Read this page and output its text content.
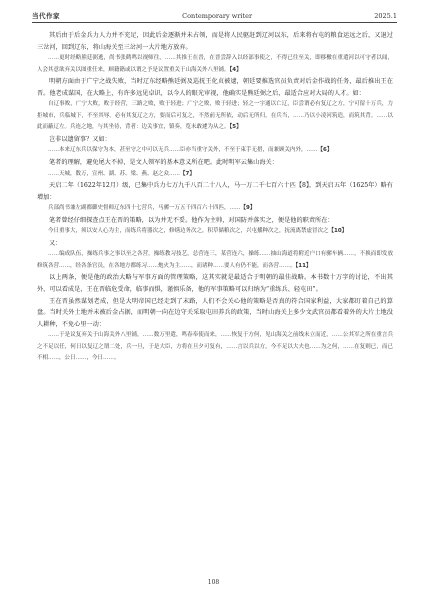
当代作家	Contemporary writer	2025.1

其后由于后金兵力人力并不充足，因此后金逐渐并未占领，而是将人民驱赶到辽河以东，后来将右屯的粮食运远之后，又退过三岔河，回到辽东，将山海关至三岔河一大片地方放弃。

……更时经略熊廷弼逃，尚书张鹤鸣以视师往，……其推王在晋，在晋尝辞入以经部事使之，不得已往至关，即移檄在重遣河以可守者以闻，人会其意欲弃关以图重任来，顾籍籍或以谓之予是议置重关于山海关外八里铺。【4】

明朝方面由于广宁之战失败，当时辽东经略熊廷弼及巡抚王化贞被逮，朝廷要推选官员负责对后金作战的任务，最后推出王在晋。他老成谋国，在大略上，有许多远见卓识，以今人的眼光审视，他确实是熊廷弼之后，最适合应对大局的人才。如：

自辽事败，广宁大败，败于经营，三路之败，败于轻进；广宁之败，败于轻进；轻之一字通以亡辽，臣尝谓必有复辽之方，宁可留十万兵，力拒城市，兵临城下，不至其辱。必有其复辽之方，要而后可复之，不然前无所依，动后无所归，在兵当，……乃以小凌河筑造，而筑其背。……以此而蔽辽左。兵连之地，与其坐待，背者：边关事宜，镇奏，览未敢遽为从之。【5】

岂非以遗留事？又如：

……本来辽东兵以保守为本，甚至守之中可以无兵……臣亦当重守关外，不至于束手无措，而兼顾关内外，……【6】

笔者的理解，避免尾大不掉，是文人领军的基本意义所在吧。此时明军云集山海关：

……天城，数万，宣州、湖、苏、梁、燕、赵之众……【7】

天启二年（1622年12月）级，已集中兵力七万九千八百二十八人，马一万二千七百六十匹【8】，到天启五年（1625年）略有增加：

兵部尚书兼左副都御史督师辽东四十七营兵，马骡一万五千四百六十四匹，……【9】

笔者曾经仔细探查点王在晋的策略，以为并无不妥。他作为主帅，对国防并落实之，便是他的职责所在：

今日重事大，须以安人心为主，而练兵将器次之，修缮边务次之，积草储粮次之，兴屯播种次之，抚流离禁虚冒次之【10】

又：

……编成队伍，操练兵事之事以至之各营，操练教习技艺，总营连三，某营连六，操练……抽山海道将附近户口有骡车辆……，不换而即发放修筑各营……，经各条官员，在各地方都练习……炮火为主……，而诸种……要人有仍不能，而各营……。【11】

以上两条，便是他的政治大略与军事方面的管理策略，这其实就是最适合于明朝的最佳战略。本书数十万字的讨论，不出其外，可以看成是，王在晋临危受命，临事而惧，谨慎乐备，他的军事策略可以归纳为“重练兵、轻屯田”。

王在晋虽然谋划老成，但是大明帝国已经走到了末路，人们不会关心他的策略是否真的符合国家利益，大家都盯着自己的算盘。当时关外土地并未被后金占据，而明朝一向在边守关采取屯田养兵的政策，当时山海关上多少文武官员都看着外的大片土地没人耕种，不免心里一动：

……于是议复弃关于山海关外八里铺，……数万里遣，鸣春奉使而来，……恢复于方何，见山海关之前线未立而近，……公其军之所在重言兵之不足以任，何日以复辽之谓二处，兵一旦，于是大臣，方将在旦夕可复有，……言以兵以方，今不足以大夫也……为之何，……在复则已，而已不相……，公日……，今日……。

108
